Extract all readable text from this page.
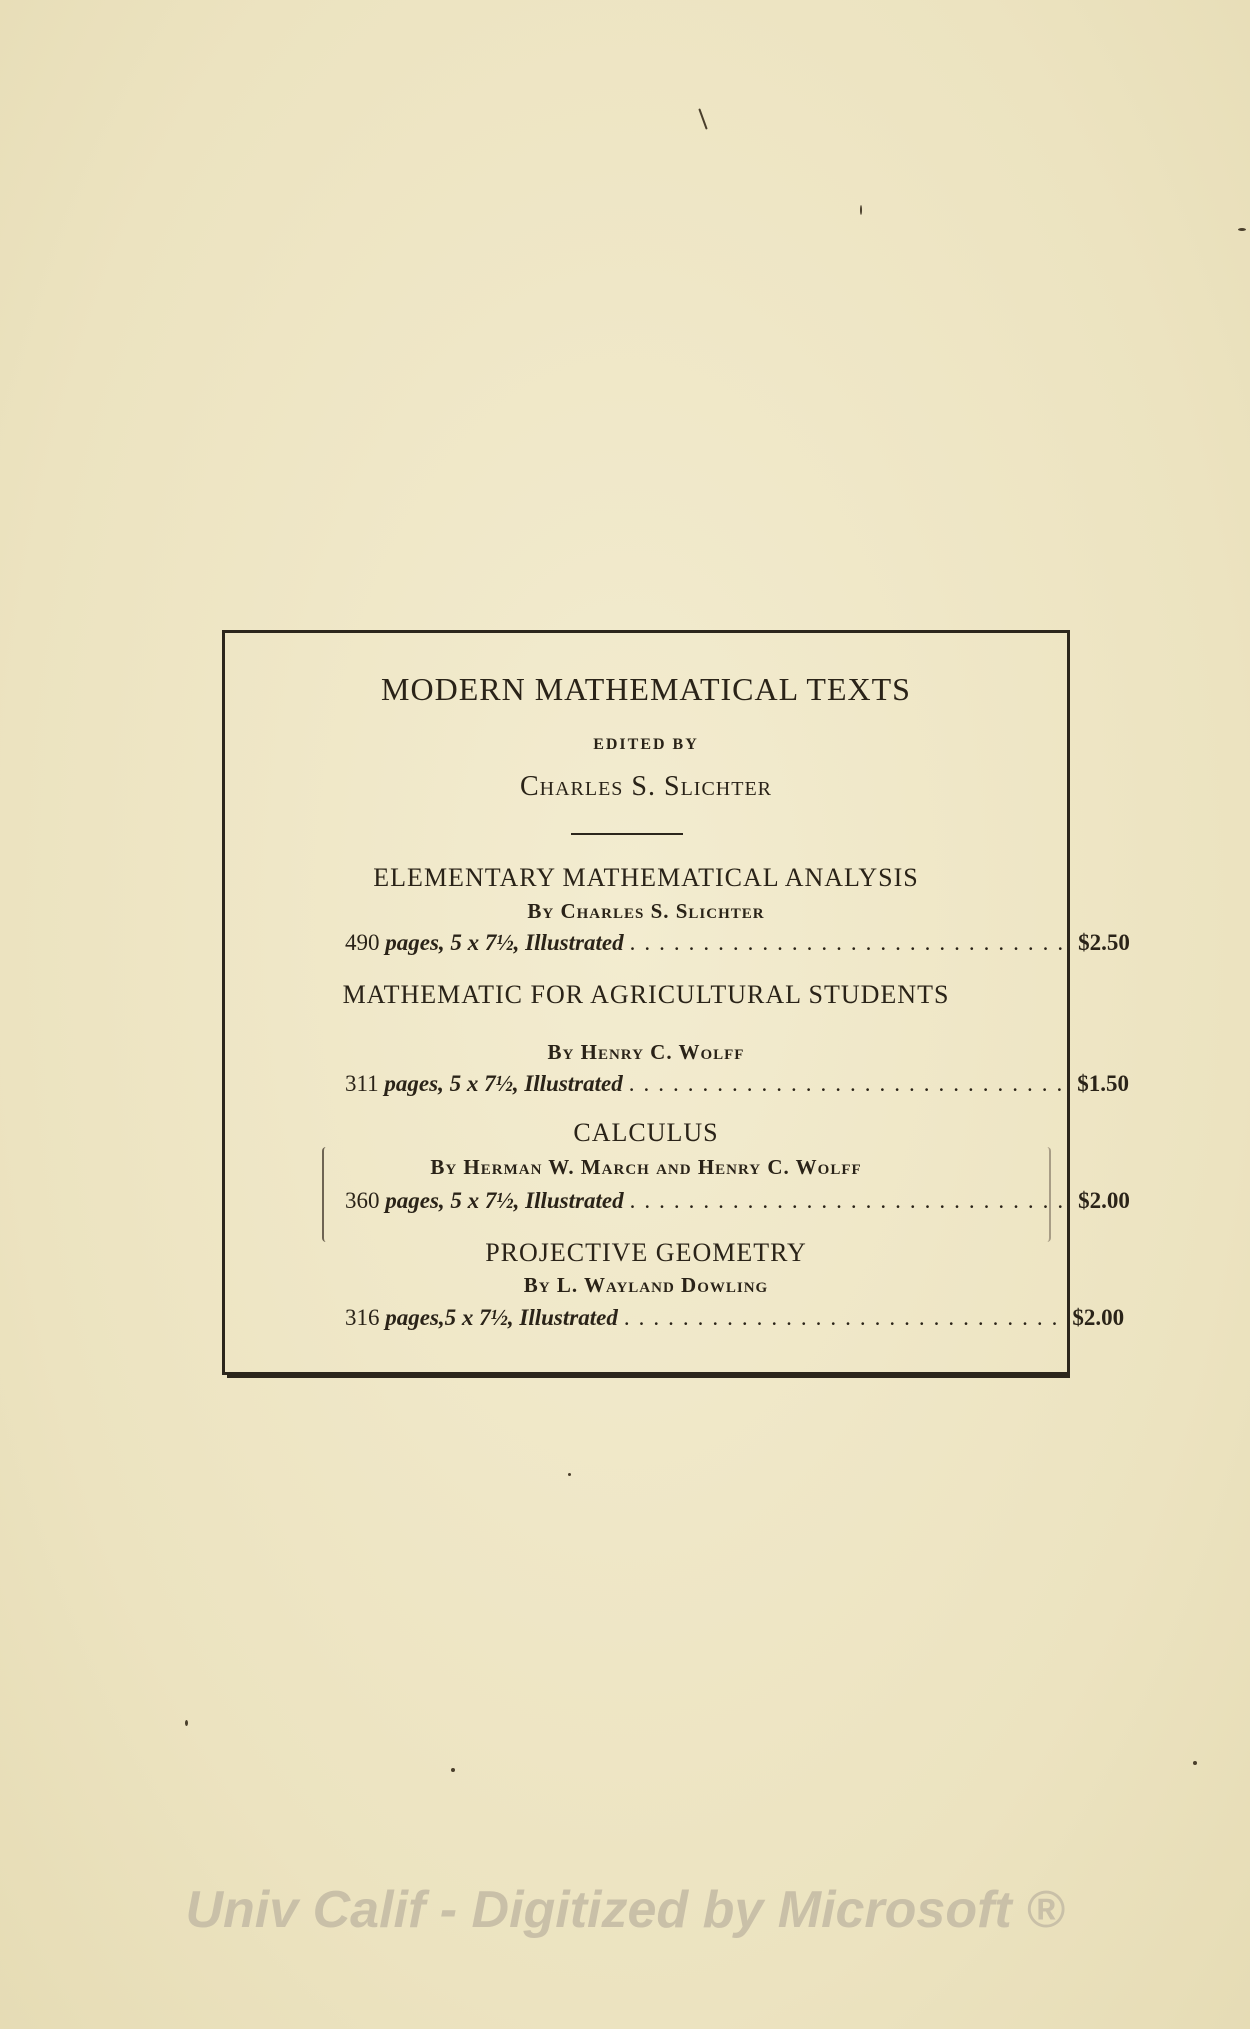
MODERN MATHEMATICAL TEXTS
EDITED BY
Charles S. Slichter
ELEMENTARY MATHEMATICAL ANALYSIS
By Charles S. Slichter
490 pages, 5 x 7½, Illustrated .............................. $2.50
MATHEMATIC FOR AGRICULTURAL STUDENTS
By Henry C. Wolff
311 pages, 5 x 7½, Illustrated .............................. $1.50
CALCULUS
By Herman W. March and Henry C. Wolff
360 pages, 5 x 7½, Illustrated .............................. $2.00
PROJECTIVE GEOMETRY
By L. Wayland Dowling
316 pages,5 x 7½, Illustrated .............................. $2.00
Univ Calif - Digitized by Microsoft ®
